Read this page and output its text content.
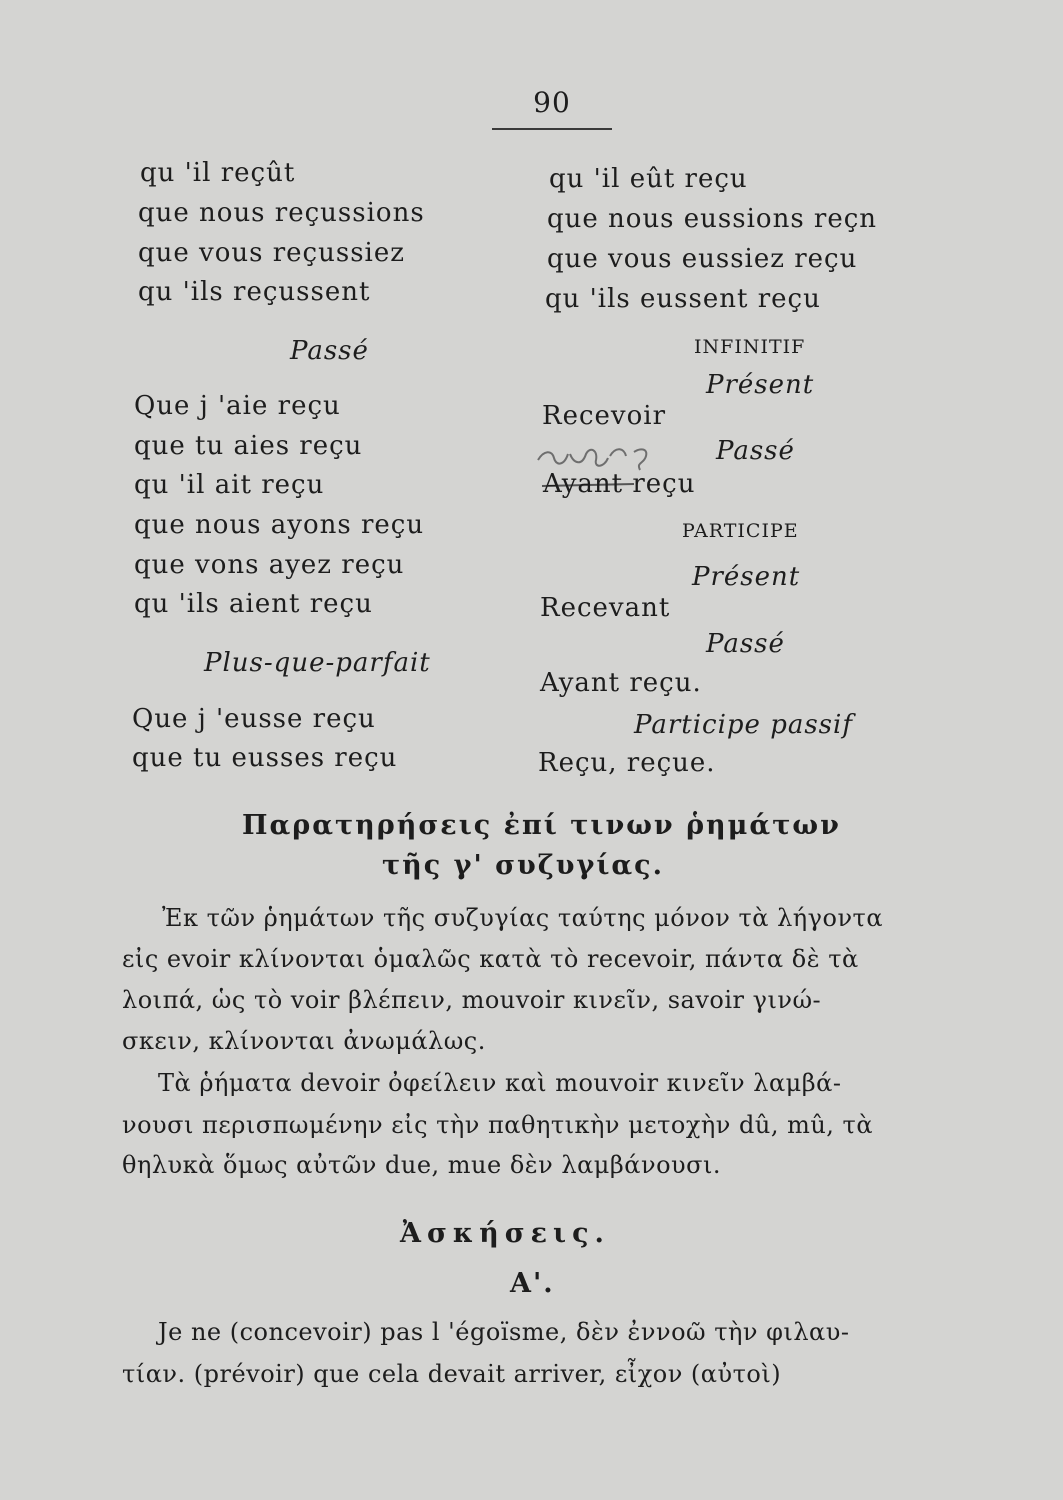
90
qu 'il reçût
que nous reçussions
que vous reçussiez
qu 'ils reçussent
Passé
Que j 'aie reçu
que tu aies reçu
qu 'il ait reçu
que nous ayons reçu
que vons ayez reçu
qu 'ils aient reçu
Plus-que-parfait
Que j 'eusse reçu
que tu eusses reçu
qu 'il eût reçu
que nous eussions reçn
que vous eussiez reçu
qu 'ils eussent reçu
INFINITIF
Présent
Recevoir
Passé
Ayant reçu
PARTICIPE
Présent
Recevant
Passé
Ayant reçu.
Participe passif
Reçu, reçue.
Παρατηρήσεις ἐπί τινων ῥημάτων
τῆς γ' συζυγίας.
Ἐκ τῶν ῥημάτων τῆς συζυγίας ταύτης μόνον τὰ λήγοντα
εἰς evoir κλίνονται ὁμαλῶς κατὰ τὸ recevoir, πάντα δὲ τὰ
λοιπά, ὡς τὸ voir βλέπειν, mouvoir κινεῖν, savoir γινώ-
σκειν, κλίνονται ἀνωμάλως.
Τὰ ῥήματα devoir ὀφείλειν καὶ mouvoir κινεῖν λαμβά-
νουσι περισπωμένην εἰς τὴν παθητικὴν μετοχὴν dû, mû, τὰ
θηλυκὰ ὅμως αὐτῶν due, mue δὲν λαμβάνουσι.
Ἀσκήσεις.
Α'.
Je ne (concevoir) pas l 'égoïsme, δὲν ἐννοῶ τὴν φιλαυ-
τίαν. (prévoir) que cela devait arriver, εἶχον (αὐτοὶ)
